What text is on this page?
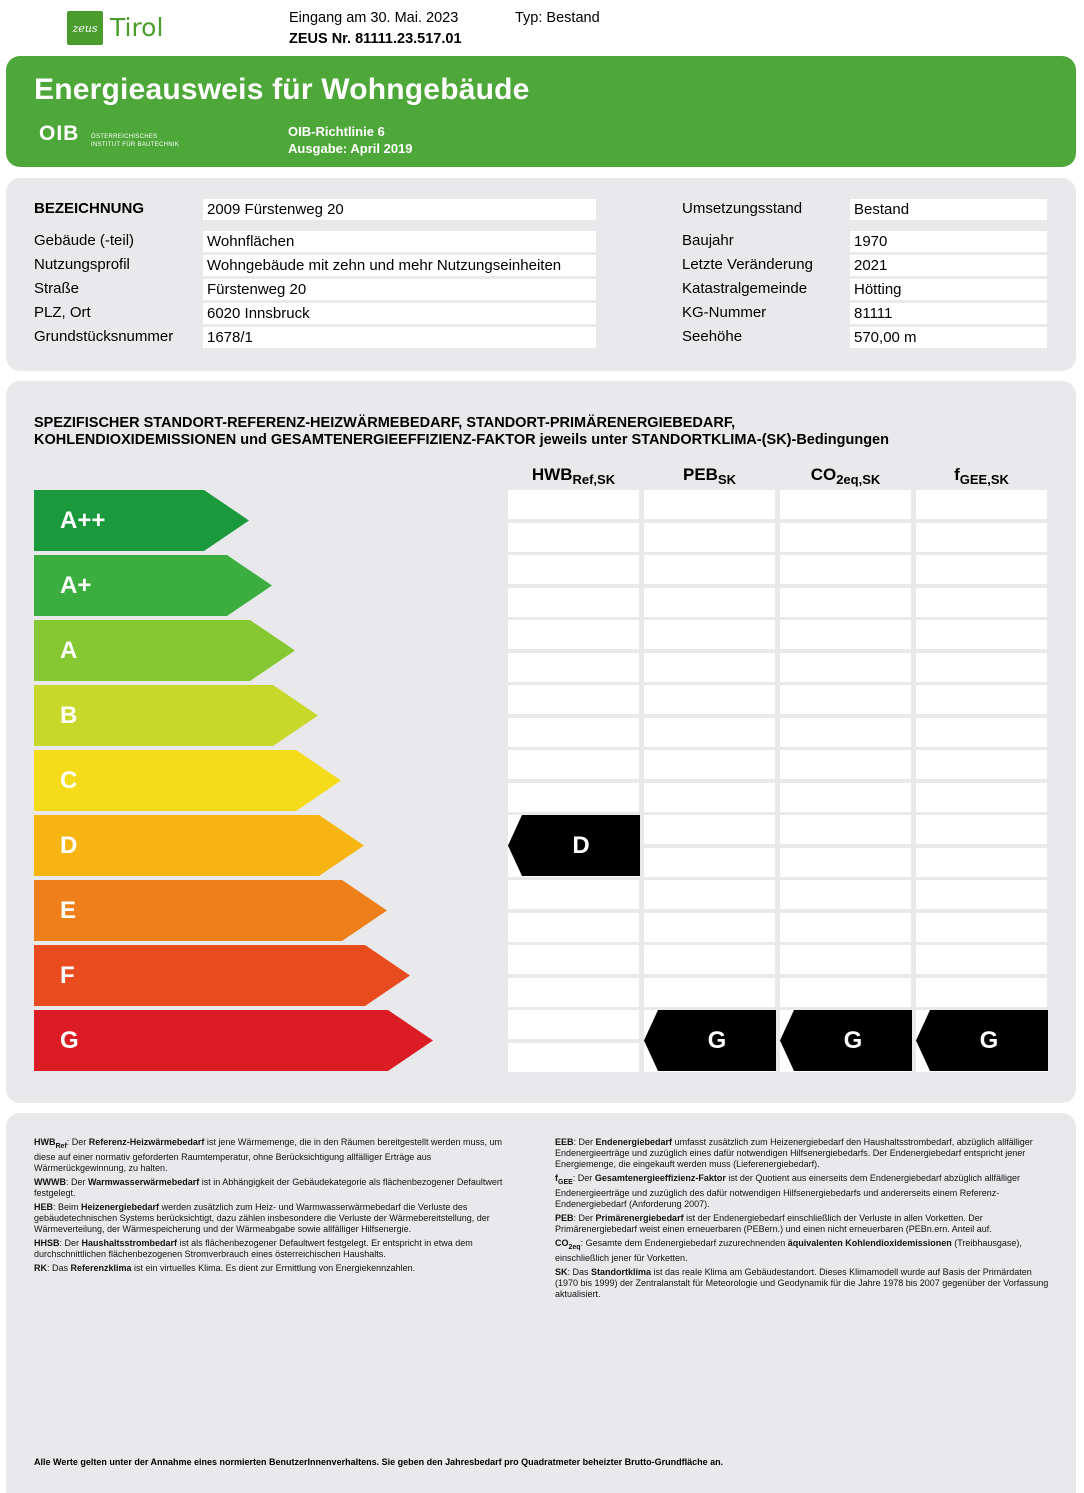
zeus Tirol	Eingang am 30. Mai. 2023
ZEUS Nr. 81111.23.517.01
Typ: Bestand
Energieausweis für Wohngebäude
OIB ÖSTERREICHISCHES
INSTITUT FÜR BAUTECHNIK
OIB-Richtlinie 6
Ausgabe: April 2019
BEZEICHNUNG	2009 Fürstenweg 20
Gebäude (-teil)	Wohnflächen
Nutzungsprofil	Wohngebäude mit zehn und mehr Nutzungseinheiten
Straße	Fürstenweg 20
PLZ, Ort	6020 Innsbruck
Grundstücksnummer 1678/1
Umsetzungsstand	Bestand
Baujahr	1970
Letzte Veränderung	2021
Katastralgemeinde	Hötting
KG-Nummer	81111
Seehöhe	570,00 m
SPEZIFISCHER STANDORT-REFERENZ-HEIZWÄRMEBEDARF, STANDORT-PRIMÄRENERGIEBEDARF,
KOHLENDIOXIDEMISSIONEN und GESAMTENERGIEEFFIZIENZ-FAKTOR jeweils unter STANDORTKLIMA-(SK)-Bedingungen
$HWB_{Ref,SK}$	$PEB_{SK}$	$CO_{2eq,SK}$	$f_{GEE,SK}$
A++
A+
A
B
C
D
E
F
G
D
G	G	G

$HWB_{Ref}$: Der Referenz-Heizwärmebedarf ist jene Wärmemenge, die in den Räumen bereitgestellt werden muss, um diese auf einer normativ geforderten Raumtemperatur, ohne Berücksichtigung allfälliger Erträge aus Wärmerückgewinnung, zu halten.

WWWB: Der Warmwasserwärmebedarf ist in Abhängigkeit der Gebäudekategorie als flächenbezogener Defaultwert festgelegt.

HEB: Beim Heizenergiebedarf werden zusätzlich zum Heiz- und Warmwasserwärmebedarf die Verluste des gebäudetechnischen Systems berücksichtigt, dazu zählen insbesondere die Verluste der Wärmebereitstellung, der Wärmeverteilung, der Wärmespeicherung und der Wärmeabgabe sowie allfälliger Hilfsenergie.

HHSB: Der Haushaltsstrombedarf ist als flächenbezogener Defaultwert festgelegt. Er entspricht in etwa dem durchschnittlichen flächenbezogenen Stromverbrauch eines österreichischen Haushalts.

RK: Das Referenzklima ist ein virtuelles Klima. Es dient zur Ermittlung von Energiekennzahlen.

EEB: Der Endenergiebedarf umfasst zusätzlich zum Heizenergiebedarf den Haushaltsstrombedarf, abzüglich allfälliger Endenergieerträge und zuzüglich eines dafür notwendigen Hilfsenergiebedarfs. Der Endenergiebedarf entspricht jener Energiemenge, die eingekauft werden muss (Lieferenergiebedarf).

$f_{GEE}$: Der Gesamtenergieeffizienz-Faktor ist der Quotient aus einerseits dem Endenergiebedarf abzüglich allfälliger Endenergieerträge und zuzüglich des dafür notwendigen Hilfsenergiebedarfs und andererseits einem Referenz-Endenergiebedarf (Anforderung 2007).

PEB: Der Primärenergiebedarf ist der Endenergiebedarf einschließlich der Verluste in allen Vorketten. Der Primärenergiebedarf weist einen erneuerbaren (PEBern.) und einen nicht erneuerbaren (PEBn.ern. Anteil auf.

$CO_{2eq}$: Gesamte dem Endenergiebedarf zuzurechnenden äquivalenten Kohlendioxidemissionen (Treibhausgase), einschließlich jener für Vorketten.

SK: Das Standortklima ist das reale Klima am Gebäudestandort. Dieses Klimamodell wurde auf Basis der Primärdaten (1970 bis 1999) der Zentralanstalt für Meteorologie und Geodynamik für die Jahre 1978 bis 2007 gegenüber der Vorfassung aktualisiert.

Alle Werte gelten unter der Annahme eines normierten BenutzerInnenverhaltens. Sie geben den Jahresbedarf pro Quadratmeter beheizter Brutto-Grundfläche an.
